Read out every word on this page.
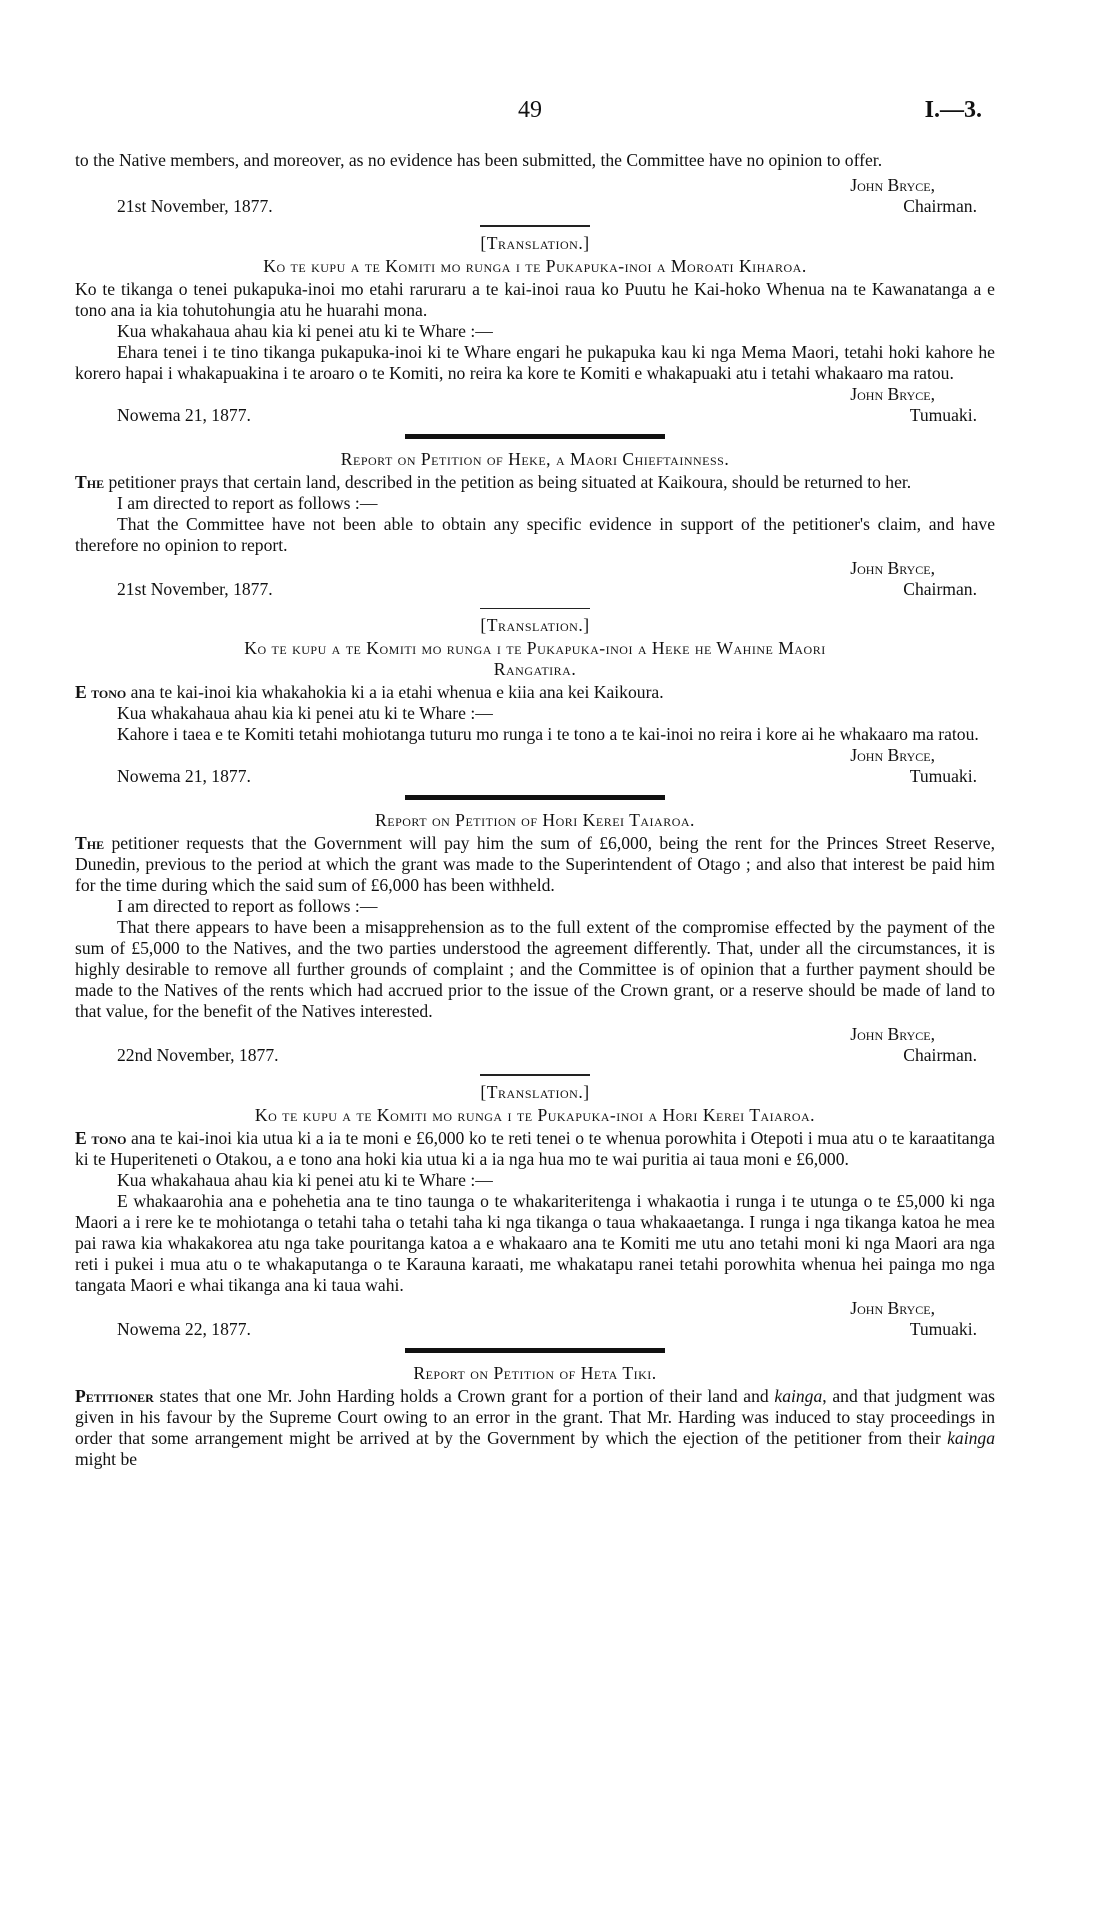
49	I.—3.

to the Native members, and moreover, as no evidence has been submitted, the Committee have no opinion to offer.

John Bryce,
21st November, 1877.	Chairman.
[Translation.]
Ko te kupu a te Komiti mo runga i te Pukapuka-inoi a Moroati Kiharoa.

Ko te tikanga o tenei pukapuka-inoi mo etahi raruraru a te kai-inoi raua ko Puutu he Kai-hoko Whenua na te Kawanatanga a e tono ana ia kia tohutohungia atu he huarahi mona.

Kua whakahaua ahau kia ki penei atu ki te Whare :—

Ehara tenei i te tino tikanga pukapuka-inoi ki te Whare engari he pukapuka kau ki nga Mema Maori, tetahi hoki kahore he korero hapai i whakapuakina i te aroaro o te Komiti, no reira ka kore te Komiti e whakapuaki atu i tetahi whakaaro ma ratou.

John Bryce,
Nowema 21, 1877.	Tumuaki.
Report on Petition of Heke, a Maori Chieftainness.

The petitioner prays that certain land, described in the petition as being situated at Kaikoura, should be returned to her.

I am directed to report as follows :—

That the Committee have not been able to obtain any specific evidence in support of the petitioner's claim, and have therefore no opinion to report.

John Bryce,
21st November, 1877.	Chairman.
[Translation.]
Ko te kupu a te Komiti mo runga i te Pukapuka-inoi a Heke he Wahine Maori
Rangatira.

E tono ana te kai-inoi kia whakahokia ki a ia etahi whenua e kiia ana kei Kaikoura.

Kua whakahaua ahau kia ki penei atu ki te Whare :—

Kahore i taea e te Komiti tetahi mohiotanga tuturu mo runga i te tono a te kai-inoi no reira i kore ai he whakaaro ma ratou.

John Bryce,
Nowema 21, 1877.	Tumuaki.
Report on Petition of Hori Kerei Taiaroa.

The petitioner requests that the Government will pay him the sum of £6,000, being the rent for the Princes Street Reserve, Dunedin, previous to the period at which the grant was made to the Superintendent of Otago ; and also that interest be paid him for the time during which the said sum of £6,000 has been withheld.

I am directed to report as follows :—

That there appears to have been a misapprehension as to the full extent of the compromise effected by the payment of the sum of £5,000 to the Natives, and the two parties understood the agreement differently. That, under all the circumstances, it is highly desirable to remove all further grounds of complaint ; and the Committee is of opinion that a further payment should be made to the Natives of the rents which had accrued prior to the issue of the Crown grant, or a reserve should be made of land to that value, for the benefit of the Natives interested.

John Bryce,
22nd November, 1877.	Chairman.
[Translation.]
Ko te kupu a te Komiti mo runga i te Pukapuka-inoi a Hori Kerei Taiaroa.

E tono ana te kai-inoi kia utua ki a ia te moni e £6,000 ko te reti tenei o te whenua porowhita i Otepoti i mua atu o te karaatitanga ki te Huperiteneti o Otakou, a e tono ana hoki kia utua ki a ia nga hua mo te wai puritia ai taua moni e £6,000.

Kua whakahaua ahau kia ki penei atu ki te Whare :—

E whakaarohia ana e pohehetia ana te tino taunga o te whakariteritenga i whakaotia i runga i te utunga o te £5,000 ki nga Maori a i rere ke te mohiotanga o tetahi taha o tetahi taha ki nga tikanga o taua whakaaetanga. I runga i nga tikanga katoa he mea pai rawa kia whakakorea atu nga take pouritanga katoa a e whakaaro ana te Komiti me utu ano tetahi moni ki nga Maori ara nga reti i pukei i mua atu o te whakaputanga o te Karauna karaati, me whakatapu ranei tetahi porowhita whenua hei painga mo nga tangata Maori e whai tikanga ana ki taua wahi.

John Bryce,
Nowema 22, 1877.	Tumuaki.
Report on Petition of Heta Tiki.

Petitioner states that one Mr. John Harding holds a Crown grant for a portion of their land and kainga, and that judgment was given in his favour by the Supreme Court owing to an error in the grant. That Mr. Harding was induced to stay proceedings in order that some arrangement might be arrived at by the Government by which the ejection of the petitioner from their kainga might be
